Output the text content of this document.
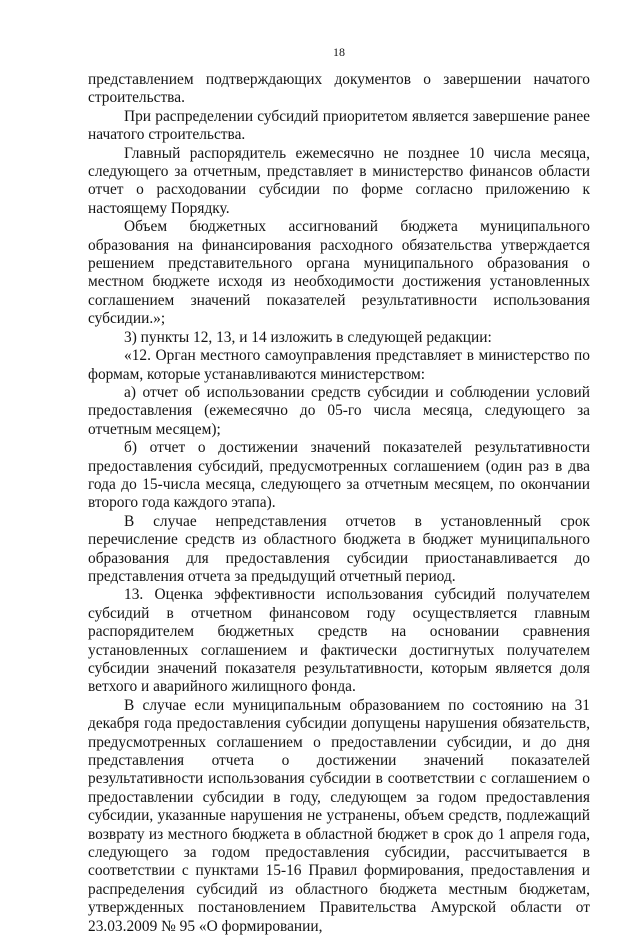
18

представлением подтверждающих документов о завершении начатого строительства.

При распределении субсидий приоритетом является завершение ранее начатого строительства.

Главный распорядитель ежемесячно не позднее 10 числа месяца, следующего за отчетным, представляет в министерство финансов области отчет о расходовании субсидии по форме согласно приложению к настоящему Порядку.

Объем бюджетных ассигнований бюджета муниципального образования на финансирования расходного обязательства утверждается решением представительного органа муниципального образования о местном бюджете исходя из необходимости достижения установленных соглашением значений показателей результативности использования субсидии.»;

3) пункты 12, 13, и 14 изложить в следующей редакции:

«12. Орган местного самоуправления представляет в министерство по формам, которые устанавливаются министерством:

а) отчет об использовании средств субсидии и соблюдении условий предоставления (ежемесячно до 05-го числа месяца, следующего за отчетным месяцем);

б) отчет о достижении значений показателей результативности предоставления субсидий, предусмотренных соглашением (один раз в два года до 15-числа месяца, следующего за отчетным месяцем, по окончании второго года каждого этапа).

В случае непредставления отчетов в установленный срок перечисление средств из областного бюджета в бюджет муниципального образования для предоставления субсидии приостанавливается до представления отчета за предыдущий отчетный период.

13. Оценка эффективности использования субсидий получателем субсидий в отчетном финансовом году осуществляется главным распорядителем бюджетных средств на основании сравнения установленных соглашением и фактически достигнутых получателем субсидии значений показателя результативности, которым является доля ветхого и аварийного жилищного фонда.

В случае если муниципальным образованием по состоянию на 31 декабря года предоставления субсидии допущены нарушения обязательств, предусмотренных соглашением о предоставлении субсидии, и до дня представления отчета о достижении значений показателей результативности использования субсидии в соответствии с соглашением о предоставлении субсидии в году, следующем за годом предоставления субсидии, указанные нарушения не устранены, объем средств, подлежащий возврату из местного бюджета в областной бюджет в срок до 1 апреля года, следующего за годом предоставления субсидии, рассчитывается в соответствии с пунктами 15-16 Правил формирования, предоставления и распределения субсидий из областного бюджета местным бюджетам, утвержденных постановлением Правительства Амурской области от 23.03.2009 № 95 «О формировании,
